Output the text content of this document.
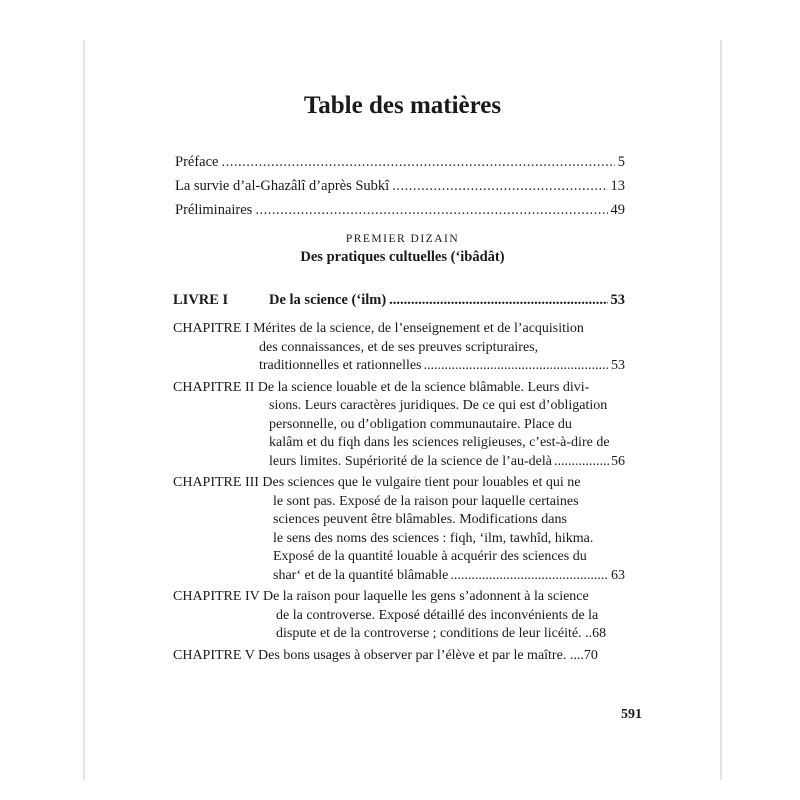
Table des matières
Préface .....	5
La survie d’al-Ghazâlî d’après Subkî .....	13
Préliminaires .....	49
PREMIER DIZAIN
Des pratiques cultuelles (‘ibâdât)
LIVRE I	De la science (‘ilm) .....	53
CHAPITRE I Mérites de la science, de l’enseignement et de l’acquisition
des connaissances, et de ses preuves scripturaires,
traditionnelles et rationnelles .....	53
CHAPITRE II De la science louable et de la science blâmable. Leurs divi-
sions. Leurs caractères juridiques. De ce qui est d’obligation
personnelle, ou d’obligation communautaire. Place du
kalâm et du fiqh dans les sciences religieuses, c’est-à-dire de
leurs limites. Supériorité de la science de l’au-delà .....	56
CHAPITRE III Des sciences que le vulgaire tient pour louables et qui ne
le sont pas. Exposé de la raison pour laquelle certaines
sciences peuvent être blâmables. Modifications dans
le sens des noms des sciences : fiqh, ‘ilm, tawhîd, hikma.
Exposé de la quantité louable à acquérir des sciences du
shar‘ et de la quantité blâmable .....	63
CHAPITRE IV De la raison pour laquelle les gens s’adonnent à la science
de la controverse. Exposé détaillé des inconvénients de la
dispute et de la controverse ; conditions de leur licéité. .. 68
CHAPITRE V Des bons usages à observer par l’élève et par le maître. .... 70
591
